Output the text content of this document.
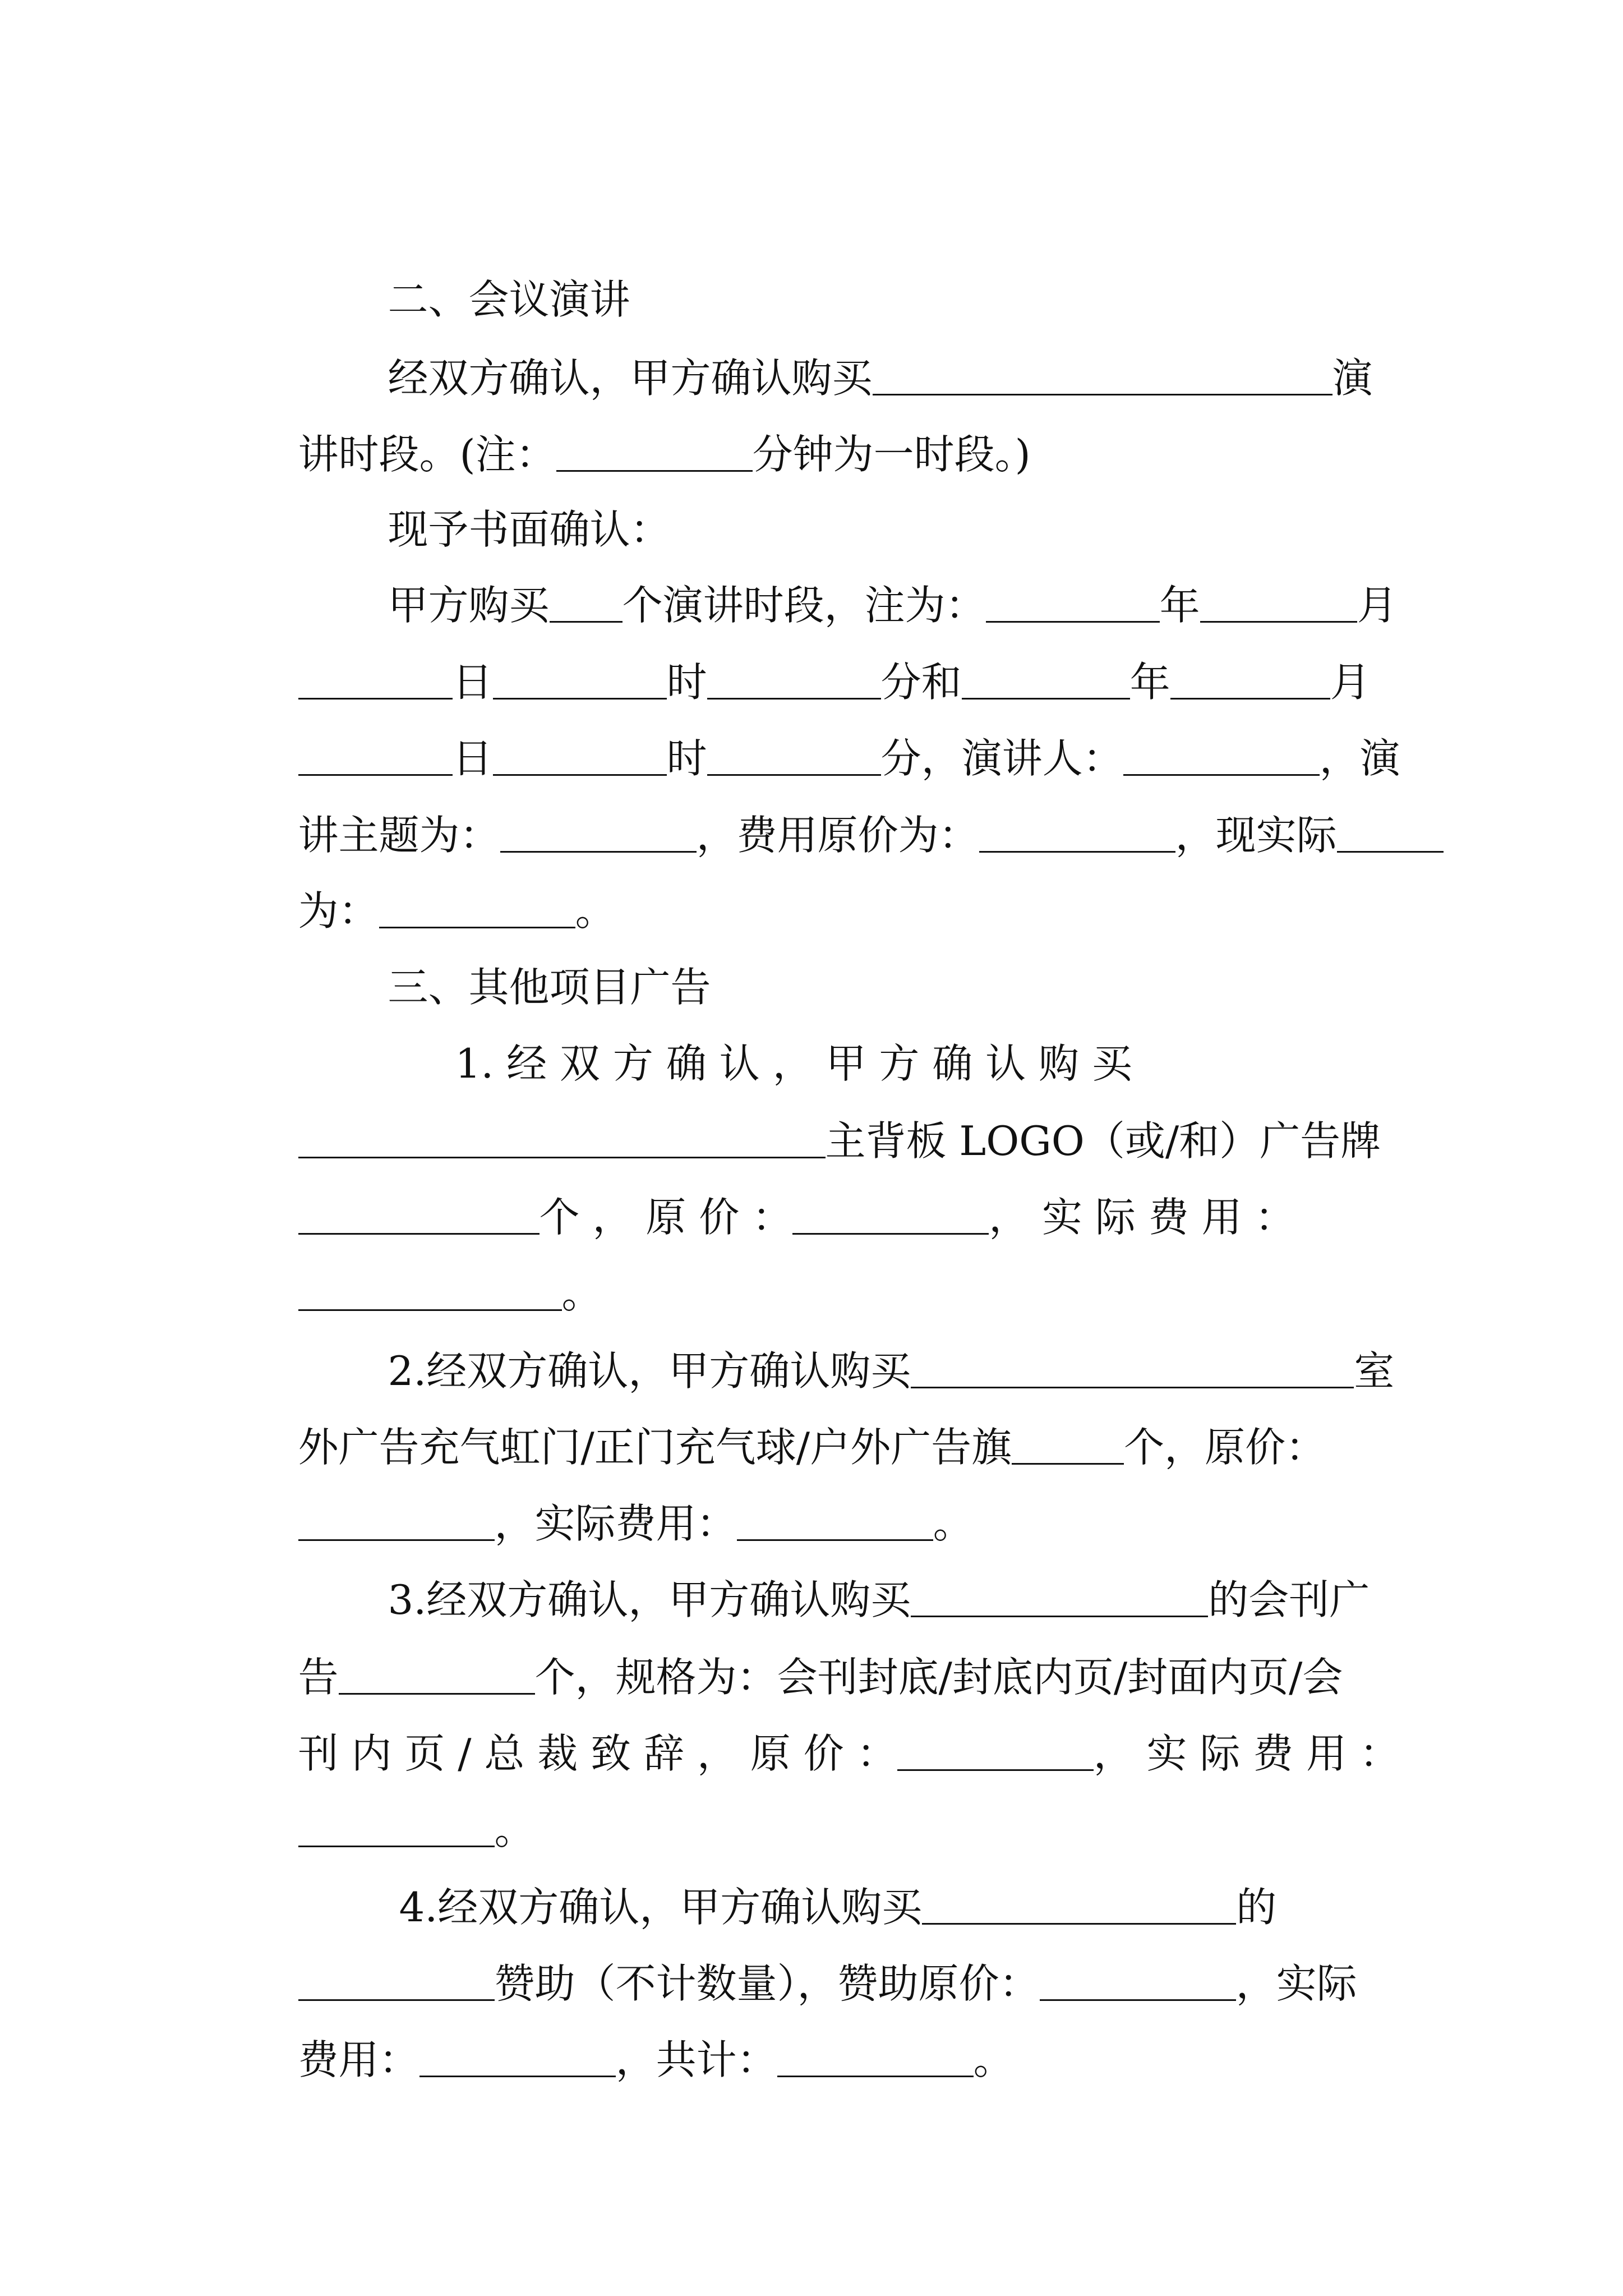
二、会议演讲

经双方确认，甲方确认购买	演

讲时段。(注：	分钟为一时段。)

现予书面确认：

甲方购买 个演讲时段，注为：	年	月

日	时	分和	年	月

日	时	分，演讲人：	，演

讲主题为：	，费用原价为：	，现实际

为：	。

三、其他项目广告

1. 经 双 方 确 认 ， 甲 方 确 认 购 买

主背板 LOGO（或/和）广告牌

个 ， 原 价 ：	， 实 际 费 用 ：

。

2.经双方确认，甲方确认购买	室

外广告充气虹门/正门充气球/户外广告旗	个，原价：

，实际费用：	。

3.经双方确认，甲方确认购买	的会刊广

告	个，规格为：会刊封底/封底内页/封面内页/会

刊 内 页 / 总 裁 致 辞 ， 原 价 ：	， 实 际 费 用 ：

。

4.经双方确认，甲方确认购买	的

赞助（不计数量），赞助原价：	，实际

费用：	，共计：	。
